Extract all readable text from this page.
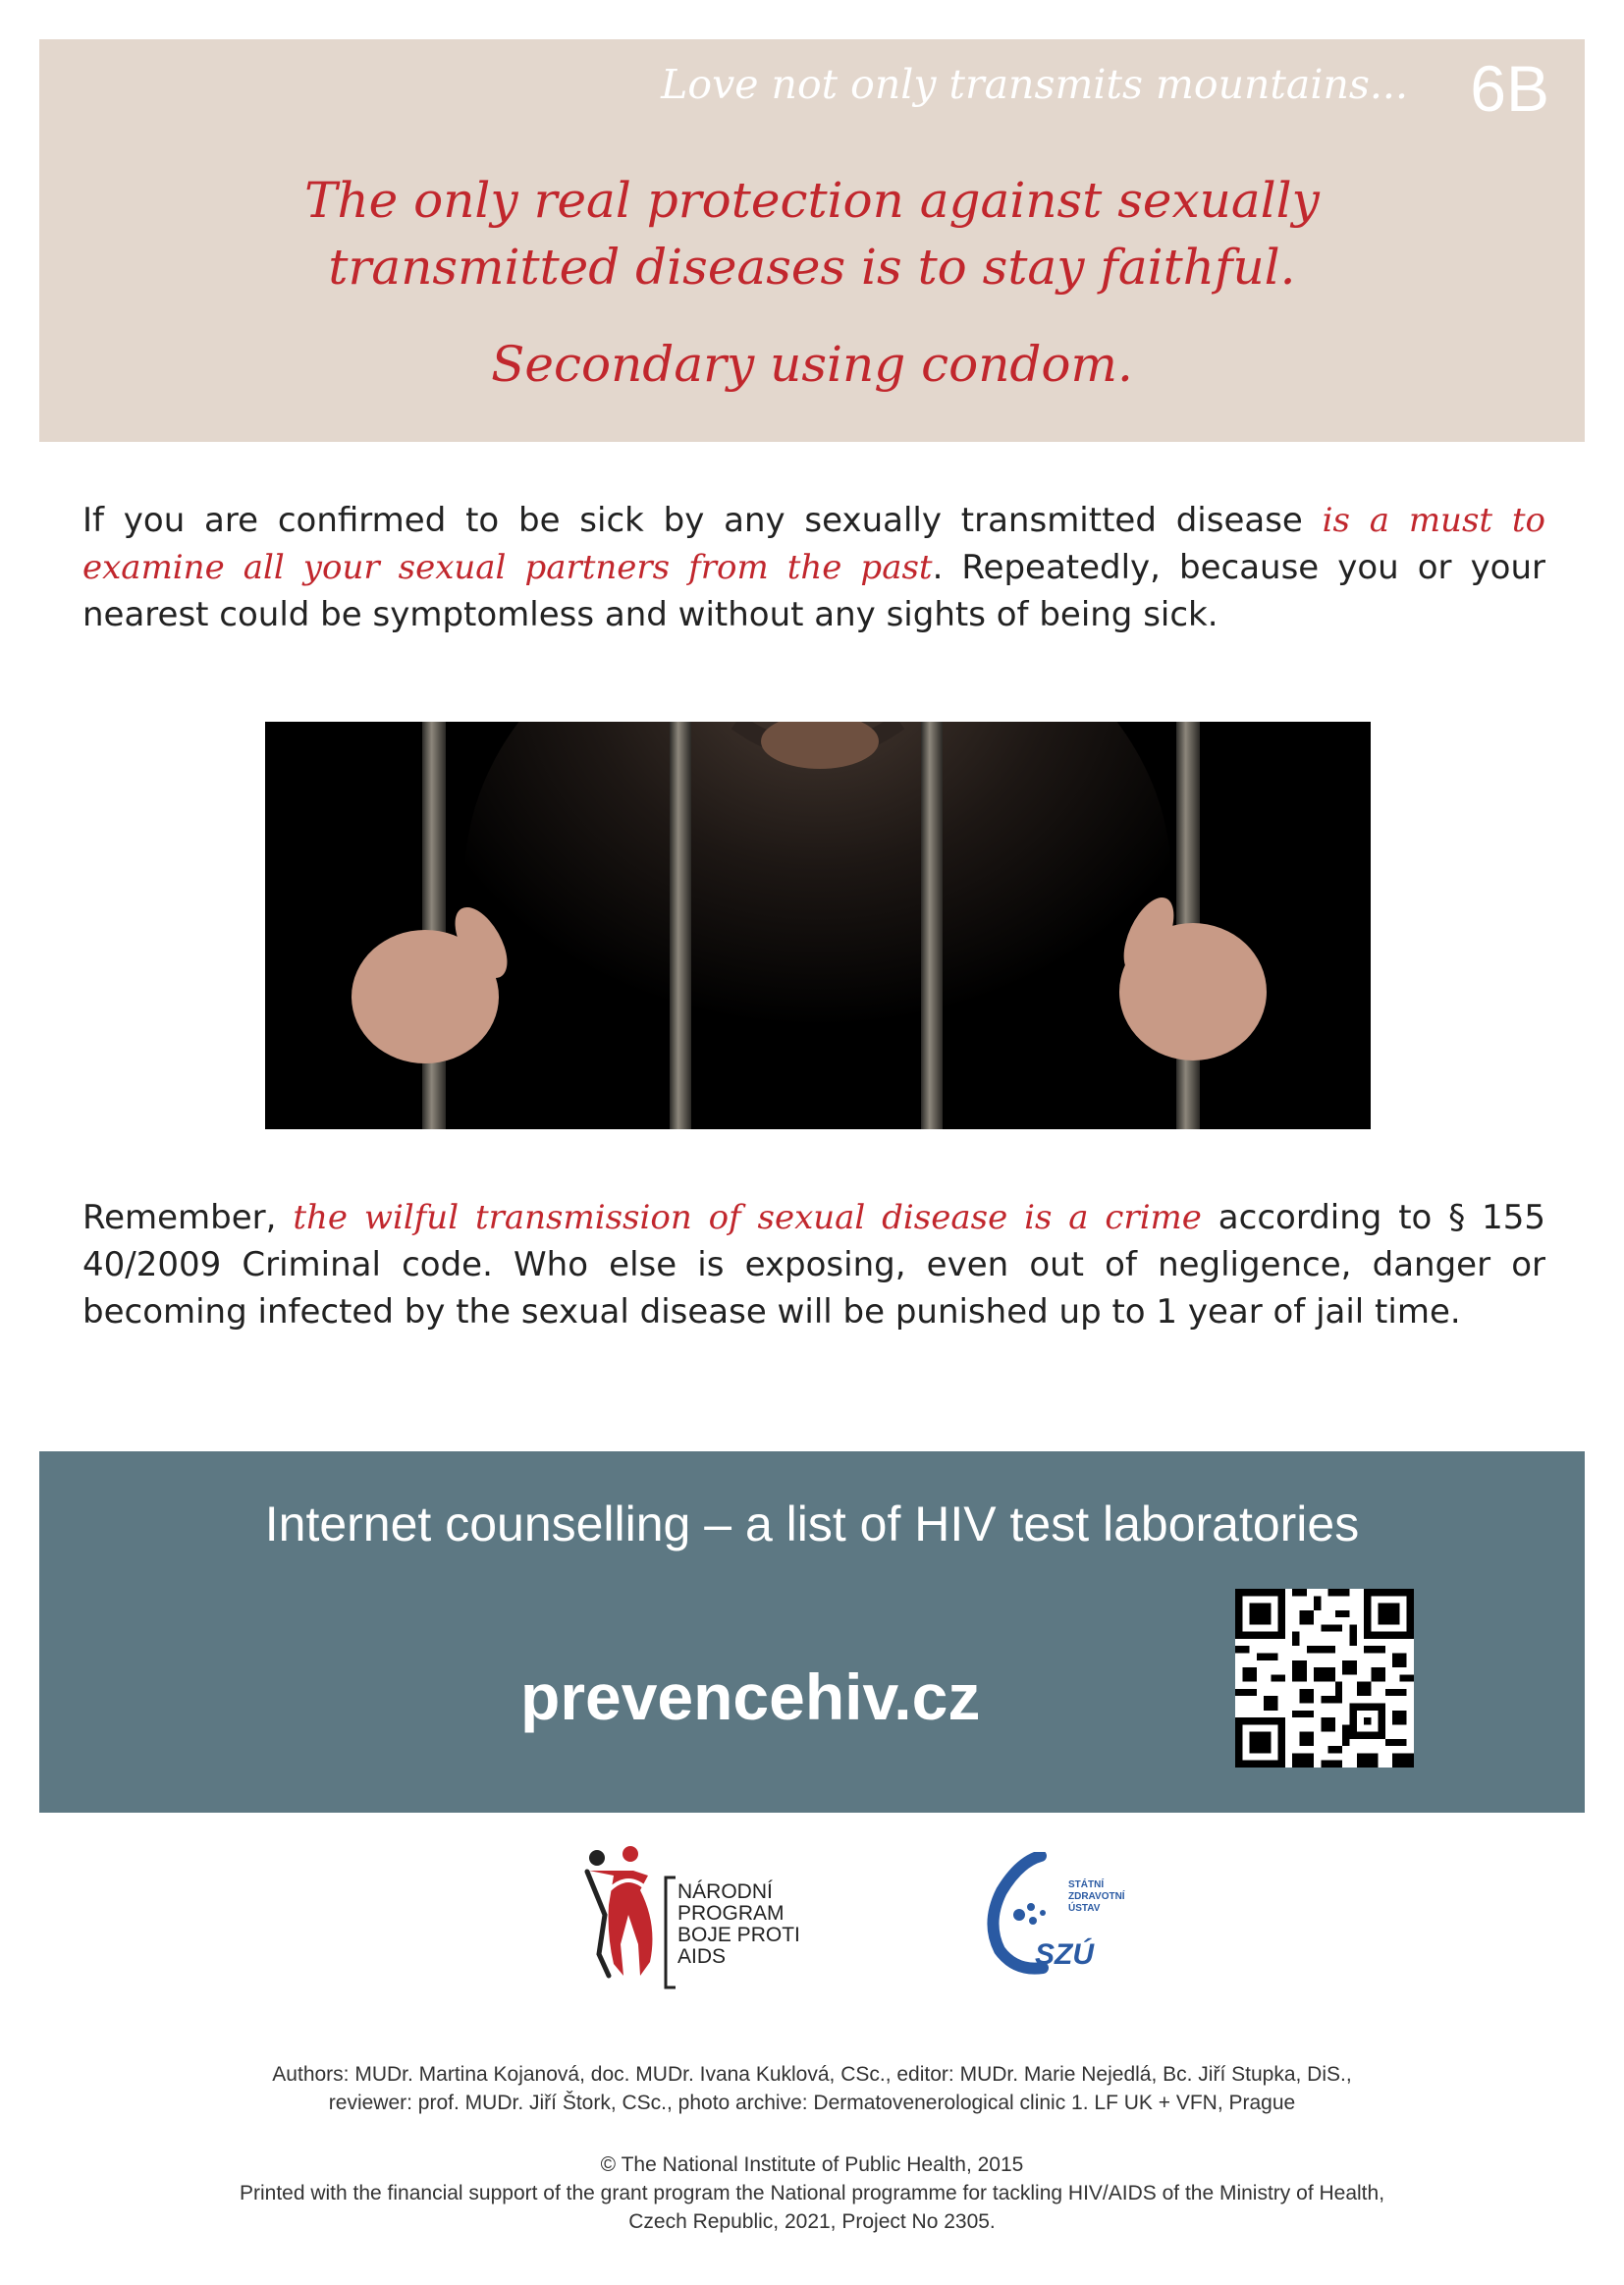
Love not only transmits mountains... 6B
The only real protection against sexually
transmitted diseases is to stay faithful.
Secondary using condom.
If you are confirmed to be sick by any sexually transmitted disease is a must to examine all your sexual partners from the past. Repeatedly, because you or your nearest could be symptomless and without any sights of being sick.
Remember, the wilful transmission of sexual disease is a crime according to § 155 40/2009 Criminal code. Who else is exposing, even out of negligence, danger or becoming infected by the sexual disease will be punished up to 1 year of jail time.
Internet counselling – a list of HIV test laboratories
prevencehiv.cz
NÁRODNÍ
PROGRAM
BOJE PROTI
AIDS
STÁTNÍ
ZDRAVOTNÍ
ÚSTAV
SZÚ
Authors: MUDr. Martina Kojanová, doc. MUDr. Ivana Kuklová, CSc., editor: MUDr. Marie Nejedlá, Bc. Jiří Stupka, DiS.,
reviewer: prof. MUDr. Jiří Štork, CSc., photo archive: Dermatovenerological clinic 1. LF UK + VFN, Prague
© The National Institute of Public Health, 2015
Printed with the financial support of the grant program the National programme for tackling HIV/AIDS of the Ministry of Health,
Czech Republic, 2021, Project No 2305.
